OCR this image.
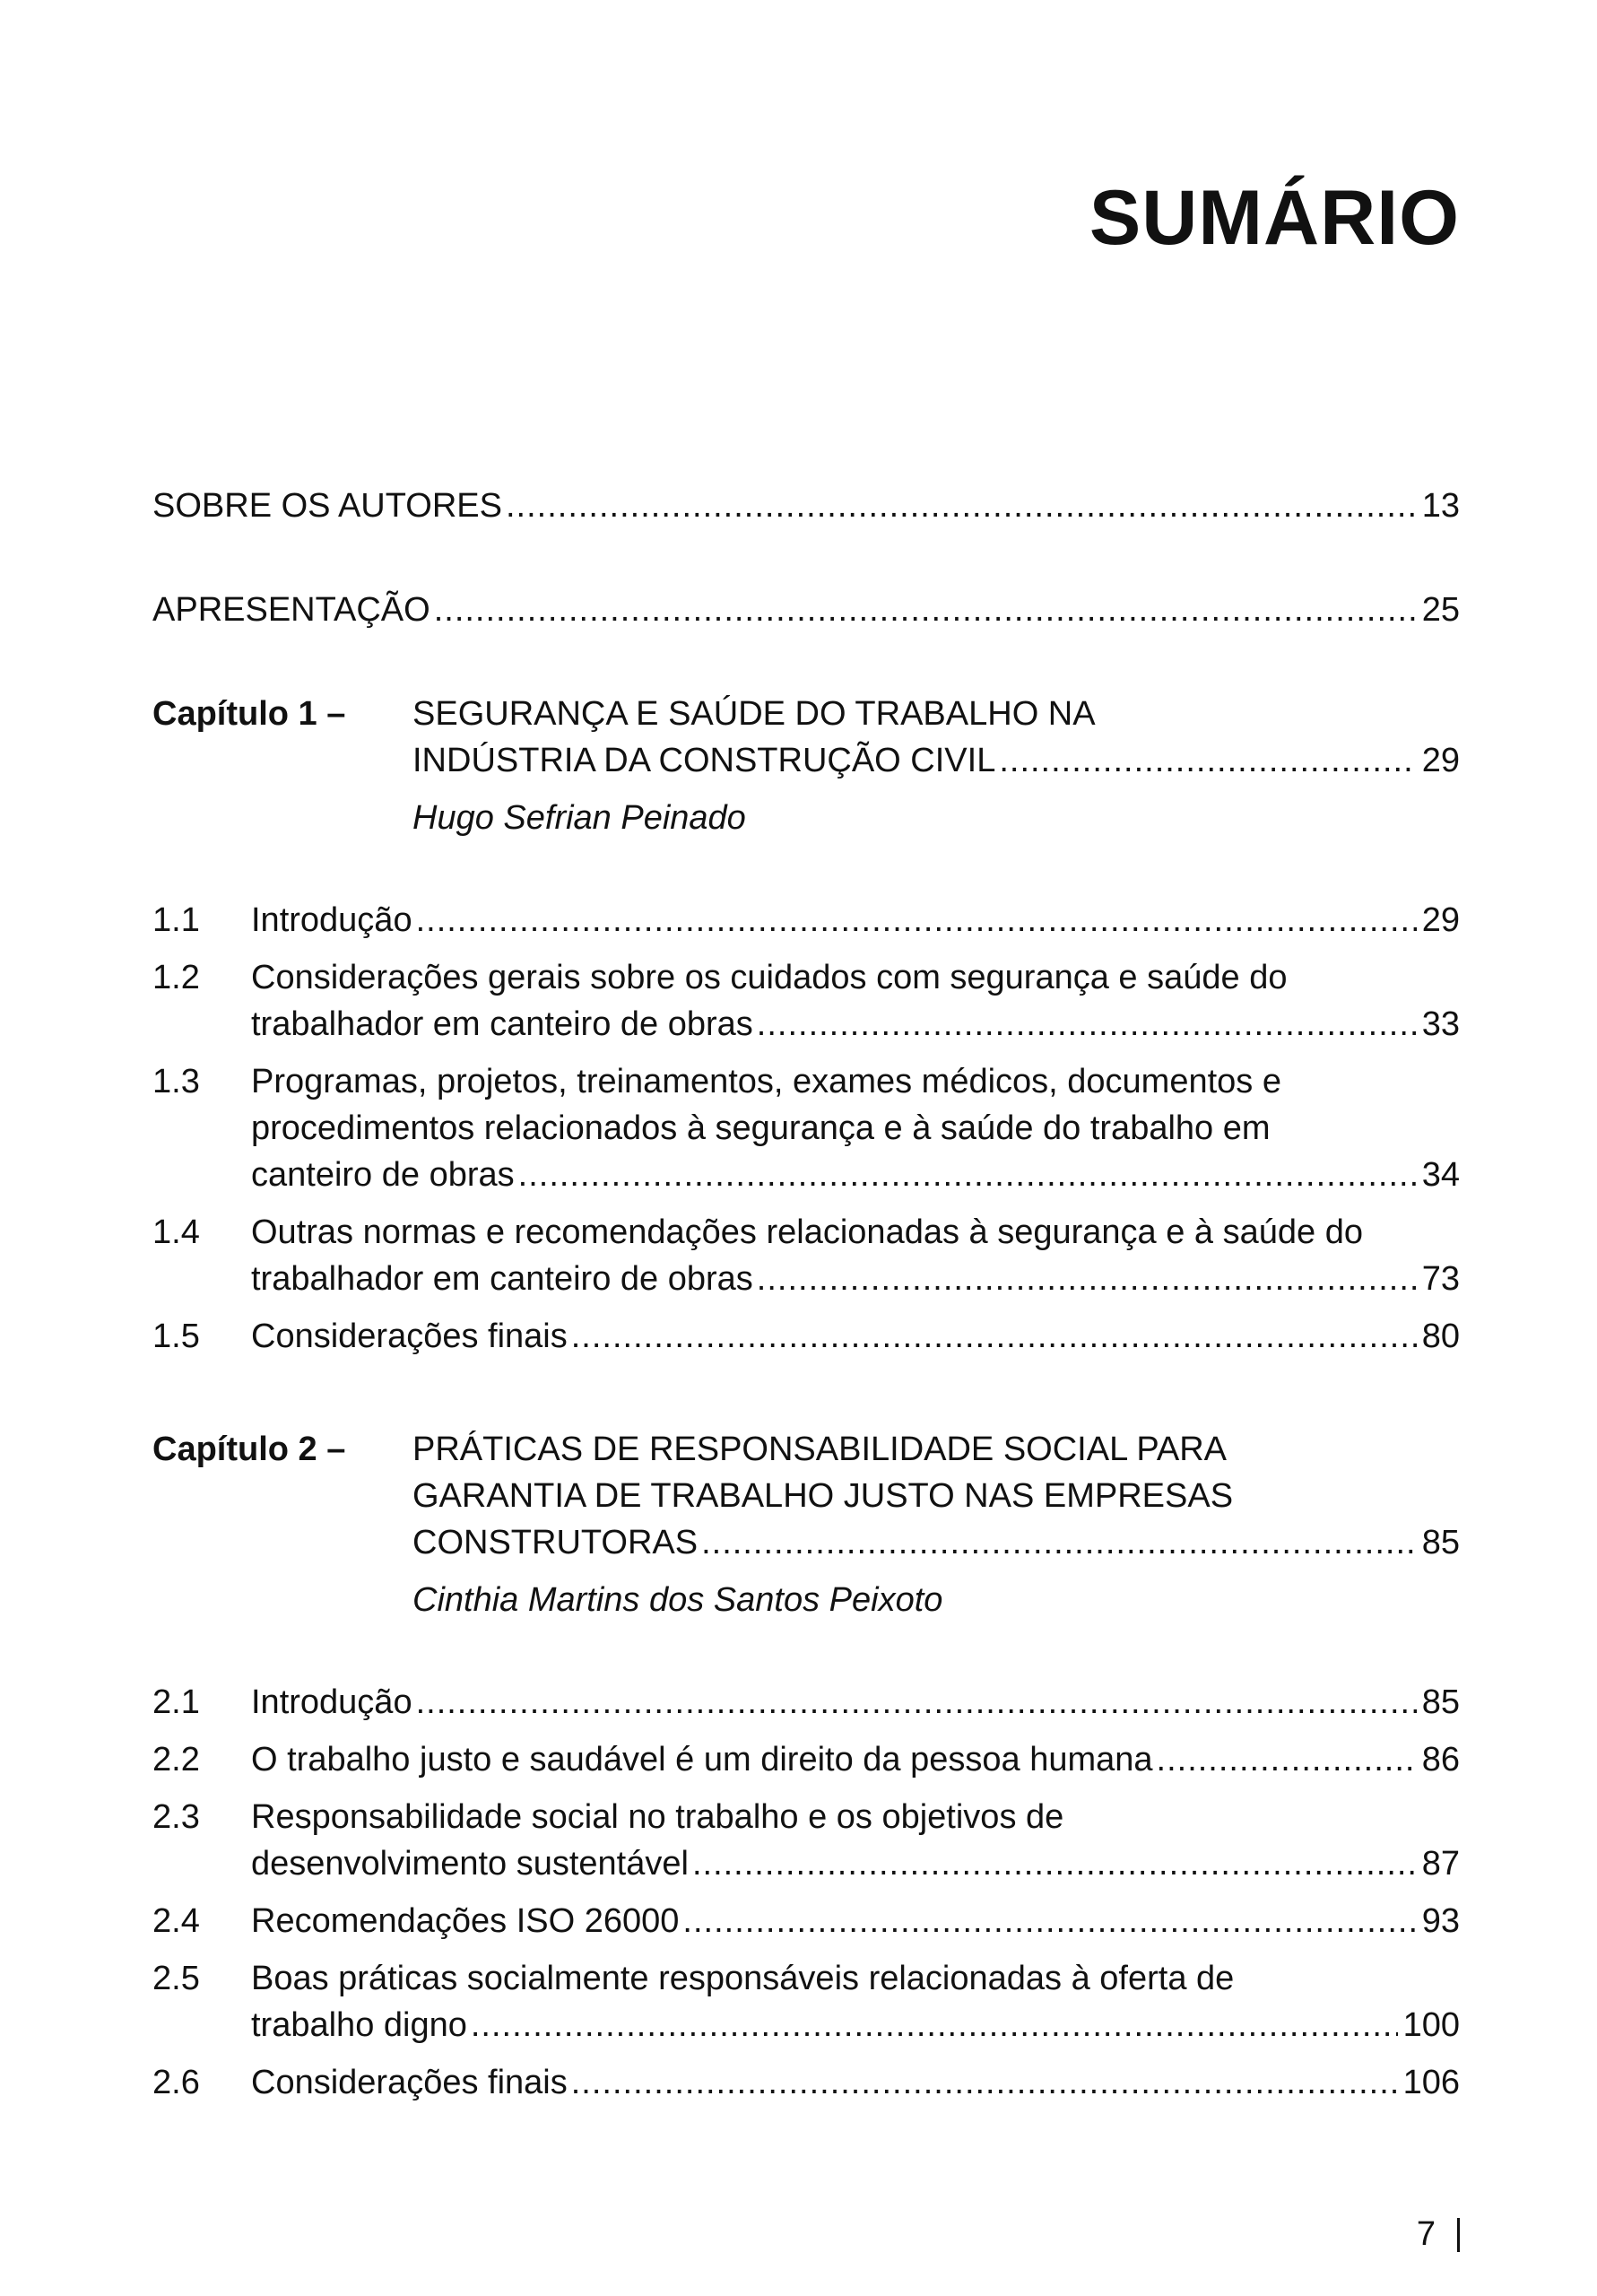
SUMÁRIO
SOBRE OS AUTORES .....	13
APRESENTAÇÃO .....	25
Capítulo 1 –	SEGURANÇA E SAÚDE DO TRABALHO NA
INDÚSTRIA DA CONSTRUÇÃO CIVIL .....	29
Hugo Sefrian Peinado
1.1	Introdução .....	29
1.2	Considerações gerais sobre os cuidados com segurança e saúde do
trabalhador em canteiro de obras .....	33
1.3	Programas, projetos, treinamentos, exames médicos, documentos e
procedimentos relacionados à segurança e à saúde do trabalho em
canteiro de obras .....	34
1.4	Outras normas e recomendações relacionadas à segurança e à saúde do
trabalhador em canteiro de obras .....	73
1.5	Considerações finais .....	80
Capítulo 2 –	PRÁTICAS DE RESPONSABILIDADE SOCIAL PARA
GARANTIA DE TRABALHO JUSTO NAS EMPRESAS
CONSTRUTORAS .....	85
Cinthia Martins dos Santos Peixoto
2.1	Introdução .....	85
2.2	O trabalho justo e saudável é um direito da pessoa humana .....	86
2.3	Responsabilidade social no trabalho e os objetivos de
desenvolvimento sustentável .....	87
2.4	Recomendações ISO 26000 .....	93
2.5	Boas práticas socialmente responsáveis relacionadas à oferta de
trabalho digno .....	100
2.6	Considerações finais .....	106
7
